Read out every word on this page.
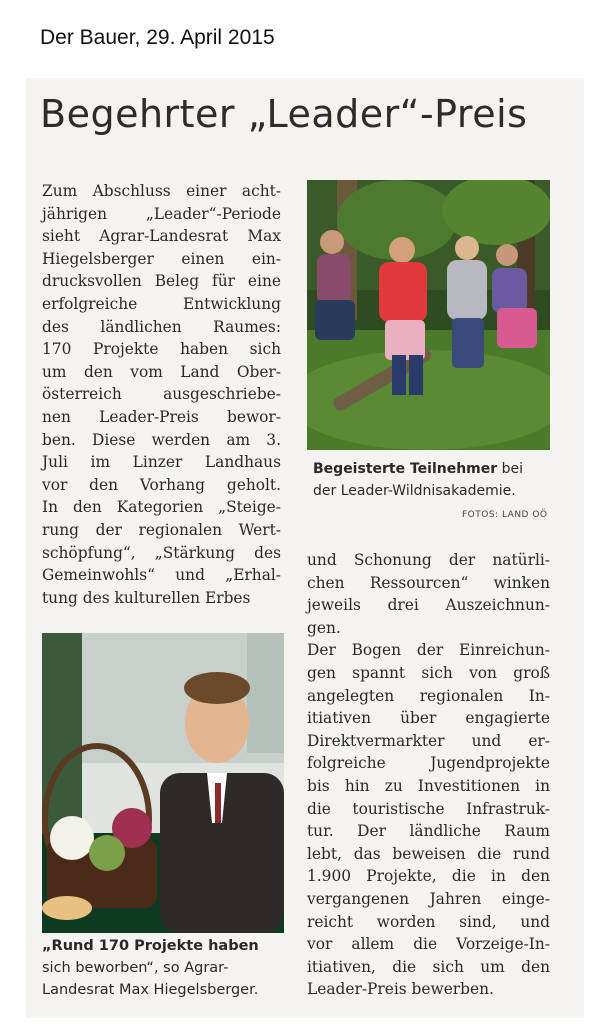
Der Bauer, 29. April 2015
Begehrter „Leader“-Preis

Zum Abschluss einer acht-
jährigen „Leader“-Periode
sieht Agrar-Landesrat Max
Hiegelsberger einen ein-
drucksvollen Beleg für eine
erfolgreiche Entwicklung
des ländlichen Raumes:
170 Projekte haben sich
um den vom Land Ober-
österreich ausgeschriebe-
nen Leader-Preis bewor-
ben. Diese werden am 3.
Juli im Linzer Landhaus
vor den Vorhang geholt.
In den Kategorien „Steige-
rung der regionalen Wert-
schöpfung“, „Stärkung des
Gemeinwohls“ und „Erhal-
tung des kulturellen Erbes

Begeisterte Teilnehmer bei
der Leader-Wildnisakademie.
FOTOS: LAND OÖ

und Schonung der natürli-
chen Ressourcen“ winken
jeweils drei Auszeichnun-
gen.

Der Bogen der Einreichun-
gen spannt sich von groß
angelegten regionalen In-
itiativen über engagierte
Direktvermarkter und er-
folgreiche Jugendprojekte
bis hin zu Investitionen in
die touristische Infrastruk-
tur. Der ländliche Raum
lebt, das beweisen die rund
1.900 Projekte, die in den
vergangenen Jahren einge-
reicht worden sind, und
vor allem die Vorzeige-In-
itiativen, die sich um den
Leader-Preis bewerben.

„Rund 170 Projekte haben
sich beworben“, so Agrar-
Landesrat Max Hiegelsberger.
